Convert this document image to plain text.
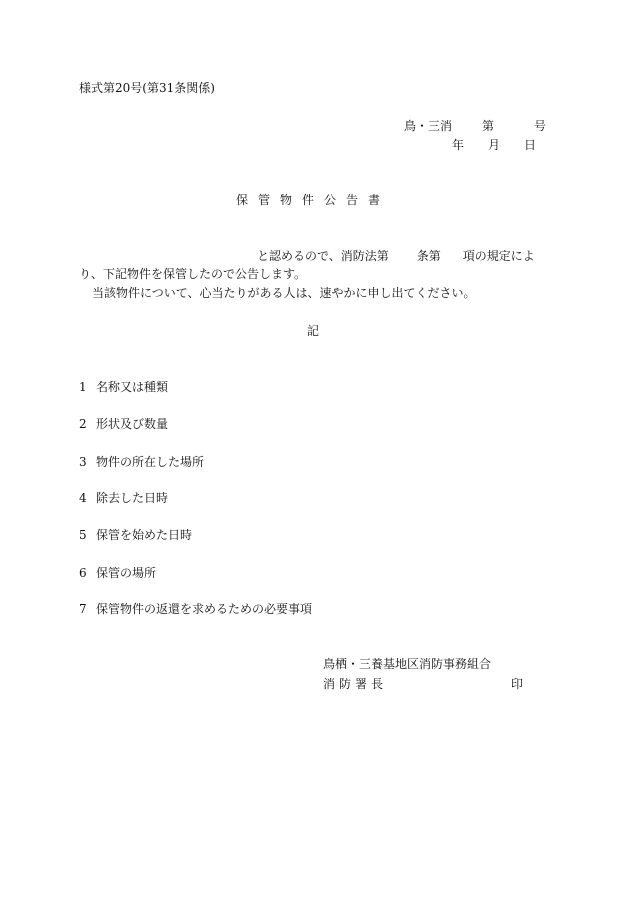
様式第20号(第31条関係)
鳥・三消	第	号
年 月 日
保管物件公告書
と認めるので、消防法第 条第 項の規定によ
り、下記物件を保管したので公告します。
当該物件について、心当たりがある人は、速やかに申し出てください。
記
1 名称又は種類
2 形状及び数量
3 物件の所在した場所
4 除去した日時
5 保管を始めた日時
6 保管の場所
7 保管物件の返還を求めるための必要事項
鳥栖・三養基地区消防事務組合
消防署長	印
